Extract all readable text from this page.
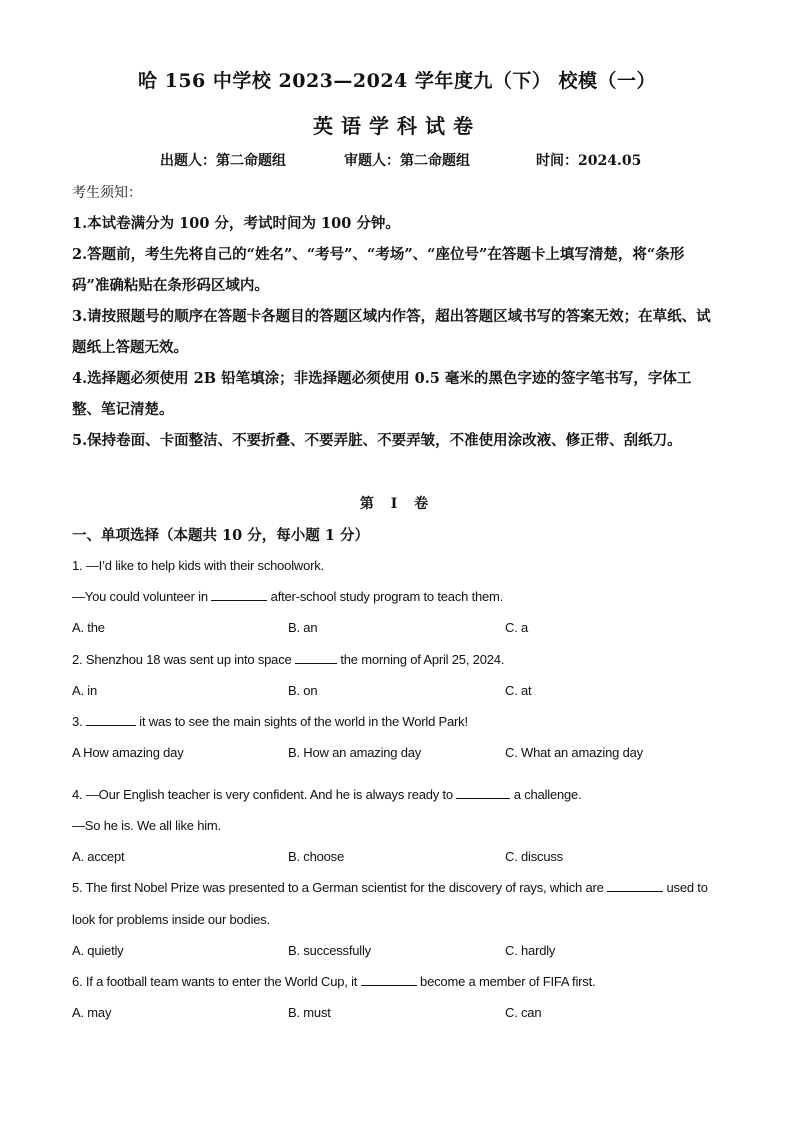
哈 156 中学校 2023—2024 学年度九（下） 校模（一）
英语学科试卷
出题人：第二命题组	审题人：第二命题组	时间：2024.05
考生须知：
1.本试卷满分为 100 分，考试时间为 100 分钟。
2.答题前，考生先将自己的“姓名”、“考号”、“考场”、“座位号”在答题卡上填写清楚，将“条形码”准确粘贴在条形码区域内。
3.请按照题号的顺序在答题卡各题目的答题区域内作答，超出答题区域书写的答案无效；在草纸、试题纸上答题无效。
4.选择题必须使用 2B 铅笔填涂；非选择题必须使用 0.5 毫米的黑色字迹的签字笔书写，字体工整、笔记清楚。
5.保持卷面、卡面整洁、不要折叠、不要弄脏、不要弄皱，不准使用涂改液、修正带、刮纸刀。
第 I 卷
一、单项选择（本题共 10 分，每小题 1 分）
1. —I’d like to help kids with their schoolwork.
—You could volunteer in	after-school study program to teach them.
A. the	B. an	C. a
2. Shenzhou 18 was sent up into space	the morning of April 25, 2024.
A. in	B. on	C. at
3.	it was to see the main sights of the world in the World Park!
A How amazing day	B. How an amazing day	C. What an amazing day
4. —Our English teacher is very confident. And he is always ready to	a challenge.
—So he is. We all like him.
A. accept	B. choose	C. discuss
5. The first Nobel Prize was presented to a German scientist for the discovery of rays, which are	used to
look for problems inside our bodies.
A. quietly	B. successfully	C. hardly
6. If a football team wants to enter the World Cup, it	become a member of FIFA first.
A. may	B. must	C. can
